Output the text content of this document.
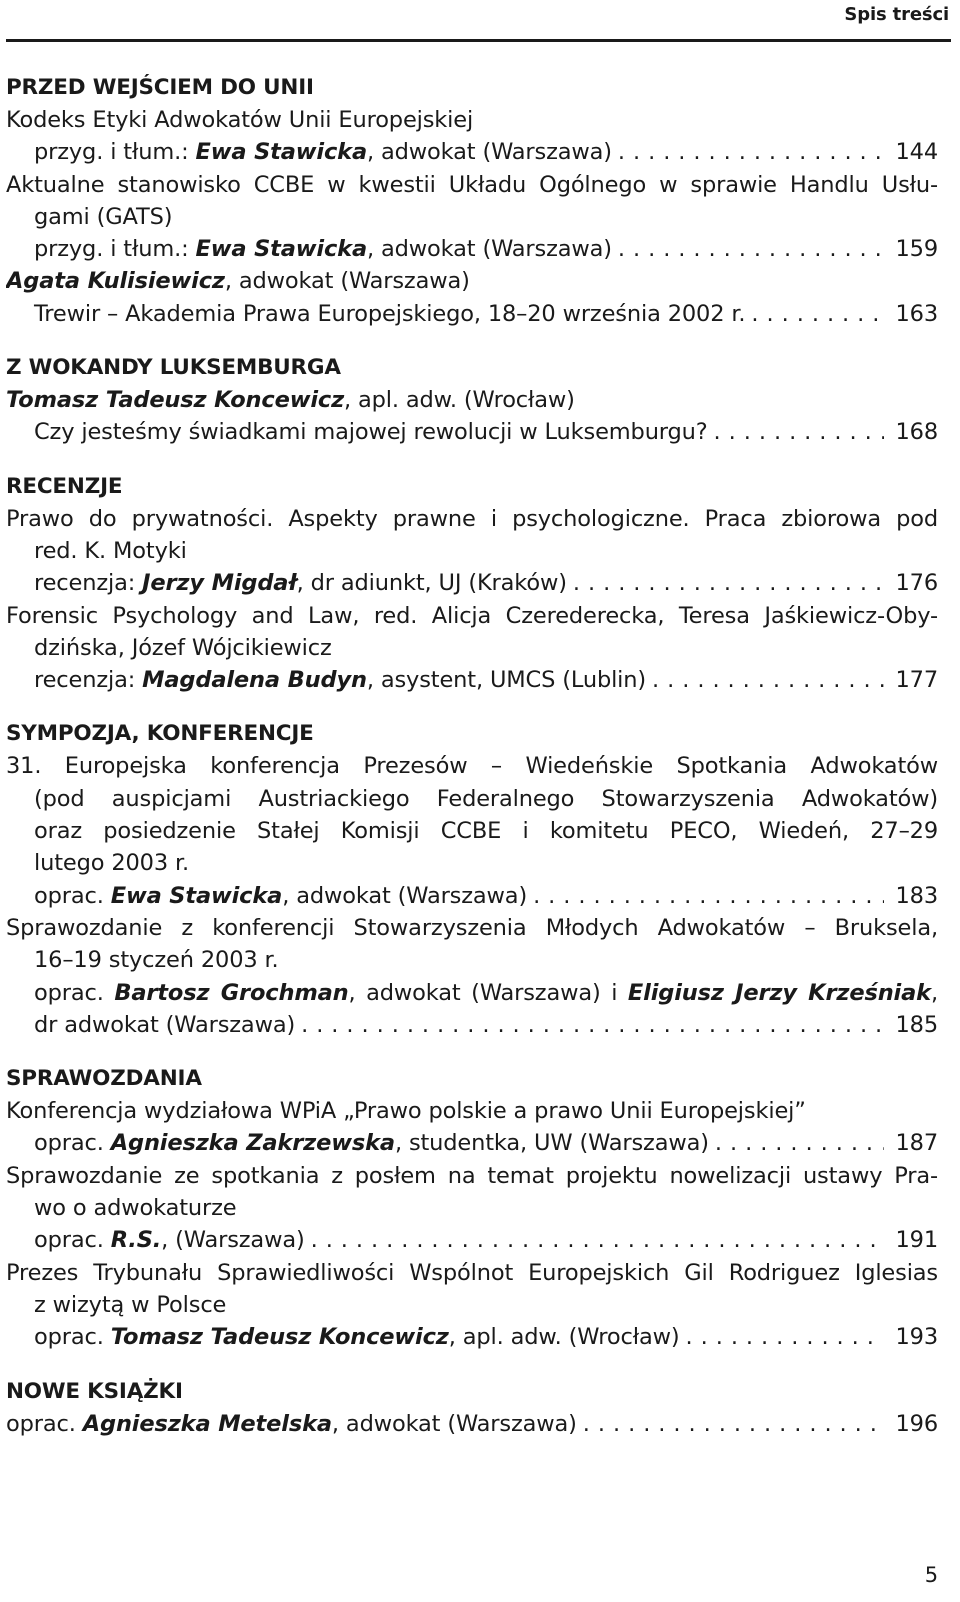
Spis treści
PRZED WEJŚCIEM DO UNII
Kodeks Etyki Adwokatów Unii Europejskiej
przyg. i tłum.: Ewa Stawicka, adwokat (Warszawa) . . .	144
Aktualne stanowisko CCBE w kwestii Układu Ogólnego w sprawie Handlu Usłu-
gami (GATS)
przyg. i tłum.: Ewa Stawicka, adwokat (Warszawa) . . .	159
Agata Kulisiewicz, adwokat (Warszawa)
Trewir – Akademia Prawa Europejskiego, 18–20 września 2002 r. . . .	163
Z WOKANDY LUKSEMBURGA
Tomasz Tadeusz Koncewicz, apl. adw. (Wrocław)
Czy jesteśmy świadkami majowej rewolucji w Luksemburgu? . . .	168
RECENZJE
Prawo do prywatności. Aspekty prawne i psychologiczne. Praca zbiorowa pod
red. K. Motyki
recenzja: Jerzy Migdał, dr adiunkt, UJ (Kraków) . . .	176
Forensic Psychology and Law, red. Alicja Czerederecka, Teresa Jaśkiewicz-Oby-
dzińska, Józef Wójcikiewicz
recenzja: Magdalena Budyn, asystent, UMCS (Lublin) . . .	177
SYMPOZJA, KONFERENCJE
31. Europejska konferencja Prezesów – Wiedeńskie Spotkania Adwokatów
(pod auspicjami Austriackiego Federalnego Stowarzyszenia Adwokatów)
oraz posiedzenie Stałej Komisji CCBE i komitetu PECO, Wiedeń, 27–29
lutego 2003 r.
oprac. Ewa Stawicka, adwokat (Warszawa) . . .	183
Sprawozdanie z konferencji Stowarzyszenia Młodych Adwokatów – Bruksela,
16–19 styczeń 2003 r.
oprac. Bartosz Grochman, adwokat (Warszawa) i Eligiusz Jerzy Krześniak,
dr adwokat (Warszawa) . . .	185
SPRAWOZDANIA
Konferencja wydziałowa WPiA „Prawo polskie a prawo Unii Europejskiej”
oprac. Agnieszka Zakrzewska, studentka, UW (Warszawa) . . .	187
Sprawozdanie ze spotkania z posłem na temat projektu nowelizacji ustawy Pra-
wo o adwokaturze
oprac. R.S., (Warszawa) . . .	191
Prezes Trybunału Sprawiedliwości Wspólnot Europejskich Gil Rodriguez Iglesias
z wizytą w Polsce
oprac. Tomasz Tadeusz Koncewicz, apl. adw. (Wrocław) . . .	193
NOWE KSIĄŻKI
oprac. Agnieszka Metelska, adwokat (Warszawa) . . .	196
5
